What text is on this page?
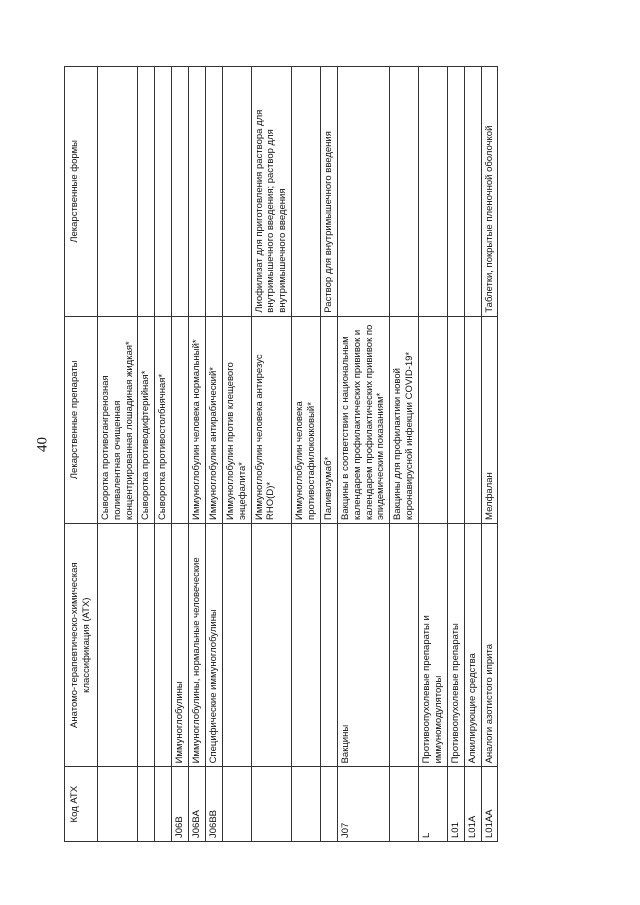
40
Код АТХ	Анатомо-терапевтическо-химическая классификация (АТХ)	Лекарственные препараты	Лекарственные формы
		Сыворотка противогангренозная поливалентная очищенная концентрированная лошадиная жидкая*	
		Сыворотка противодифтерийная*	
		Сыворотка противостолбнячная*	
J06B	Иммуноглобулины		
J06BA	Иммуноглобулины, нормальные человеческие	Иммуноглобулин человека нормальный*	
J06BB	Специфические иммуноглобулины	Иммуноглобулин антирабический*	
		Иммуноглобулин против клещевого энцефалита*	
		Иммуноглобулин человека антирезус RHO(D)*	Лиофилизат для приготовления раствора для внутримышечного введения; раствор для внутримышечного введения
		Иммуноглобулин человека противостафилококковый*	
		Паливизумаб*	Раствор для внутримышечного введения
J07	Вакцины	Вакцины в соответствии с национальным календарем профилактических прививок и календарем профилактических прививок по эпидемическим показаниям*	
		Вакцины для профилактики новой коронавирусной инфекции COVID-19*	
L	Противоопухолевые препараты и иммуномодуляторы		
L01	Противоопухолевые препараты		
L01A	Алкилирующие средства		
L01AA	Аналоги азотистого иприта	Мелфалан	Таблетки, покрытые пленочной оболочкой
